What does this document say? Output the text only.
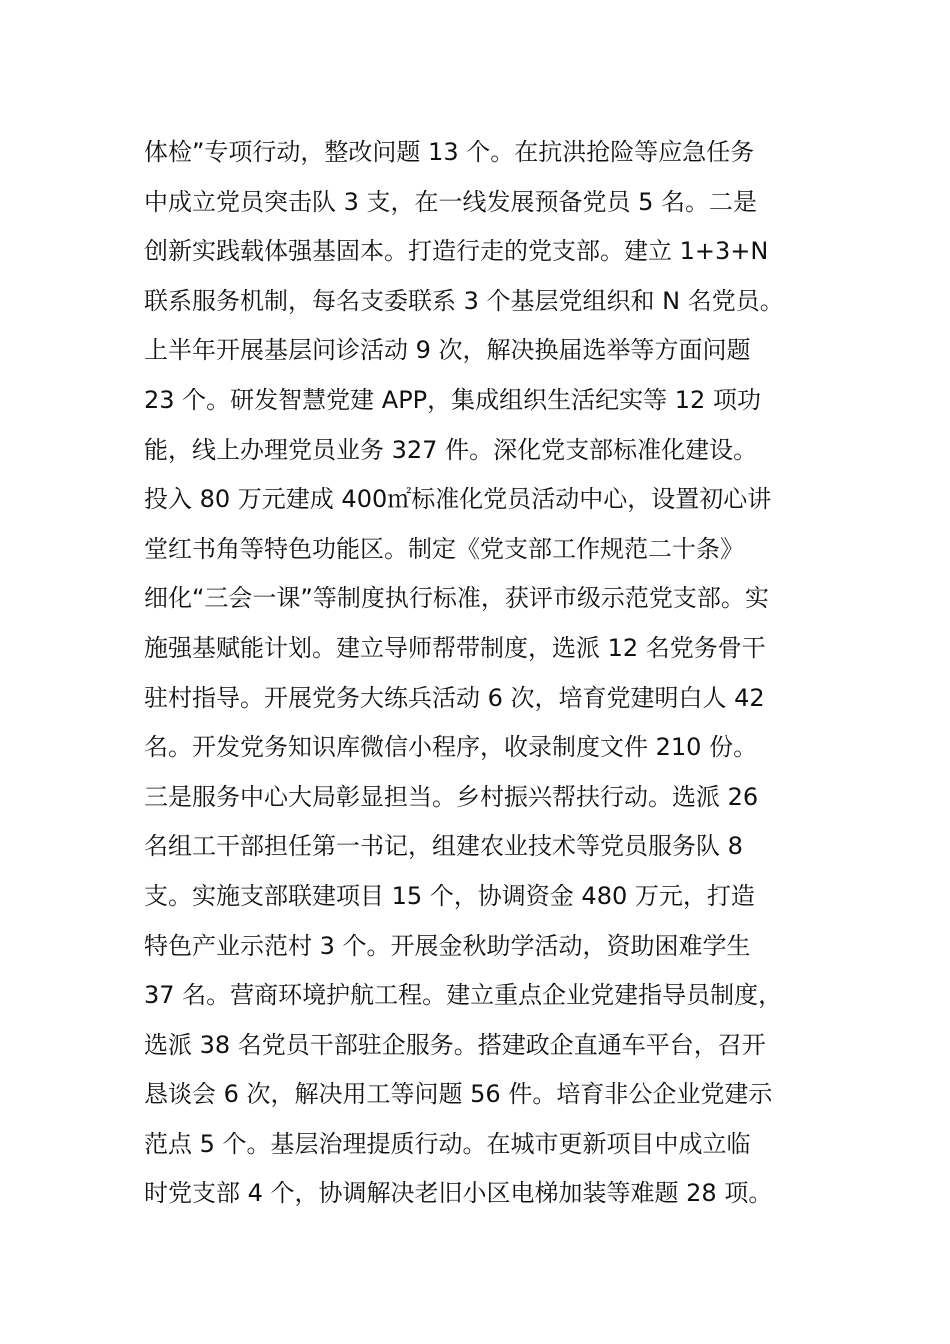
体检”专项行动，整改问题 13 个。在抗洪抢险等应急任务
中成立党员突击队 3 支，在一线发展预备党员 5 名。二是
创新实践载体强基固本。打造行走的党支部。建立 1+3+N
联系服务机制，每名支委联系 3 个基层党组织和 N 名党员。
上半年开展基层问诊活动 9 次，解决换届选举等方面问题
23 个。研发智慧党建 APP，集成组织生活纪实等 12 项功
能，线上办理党员业务 327 件。深化党支部标准化建设。
投入 80 万元建成 400㎡标准化党员活动中心，设置初心讲
堂红书角等特色功能区。制定《党支部工作规范二十条》
细化“三会一课”等制度执行标准，获评市级示范党支部。实
施强基赋能计划。建立导师帮带制度，选派 12 名党务骨干
驻村指导。开展党务大练兵活动 6 次，培育党建明白人 42
名。开发党务知识库微信小程序，收录制度文件 210 份。
三是服务中心大局彰显担当。乡村振兴帮扶行动。选派 26
名组工干部担任第一书记，组建农业技术等党员服务队 8
支。实施支部联建项目 15 个，协调资金 480 万元，打造
特色产业示范村 3 个。开展金秋助学活动，资助困难学生
37 名。营商环境护航工程。建立重点企业党建指导员制度，
选派 38 名党员干部驻企服务。搭建政企直通车平台，召开
恳谈会 6 次，解决用工等问题 56 件。培育非公企业党建示
范点 5 个。基层治理提质行动。在城市更新项目中成立临
时党支部 4 个，协调解决老旧小区电梯加装等难题 28 项。
